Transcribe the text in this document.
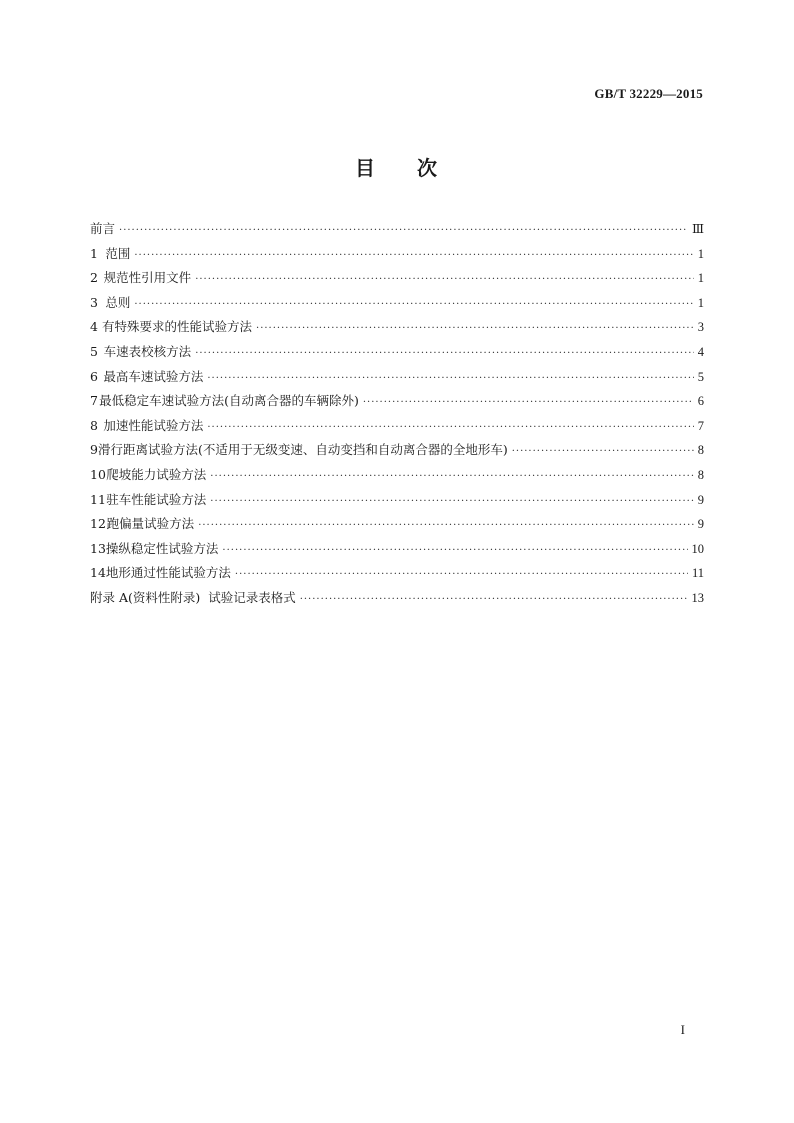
GB/T 32229—2015
目 次
前言 ·····	Ⅲ
1 范围 ·····	1
2 规范性引用文件 ·····	1
3 总则 ·····	1
4 有特殊要求的性能试验方法 ·····	3
5 车速表校核方法 ·····	4
6 最高车速试验方法 ·····	5
7 最低稳定车速试验方法(自动离合器的车辆除外) ·····	6
8 加速性能试验方法 ·····	7
9 滑行距离试验方法(不适用于无级变速、自动变挡和自动离合器的全地形车) ·····	8
10 爬坡能力试验方法 ·····	8
11 驻车性能试验方法 ·····	9
12 跑偏量试验方法 ·····	9
13 操纵稳定性试验方法 ·····	10
14 地形通过性能试验方法 ·····	11
附录 A(资料性附录)  试验记录表格式 ·····	13
I
